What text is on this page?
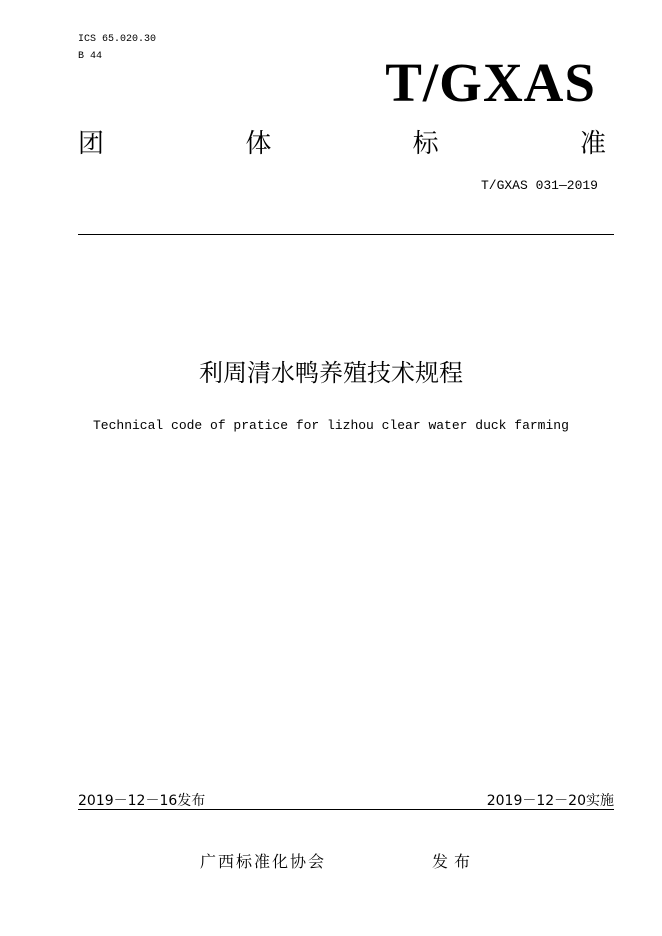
ICS 65.020.30
B 44	T/GXAS
团	体	标	准
T/GXAS 031—2019
利周清水鸭养殖技术规程
Technical code of pratice for lizhou clear water duck farming
2019－12－16发布	2019－12－20实施
广西标准化协会	发布
